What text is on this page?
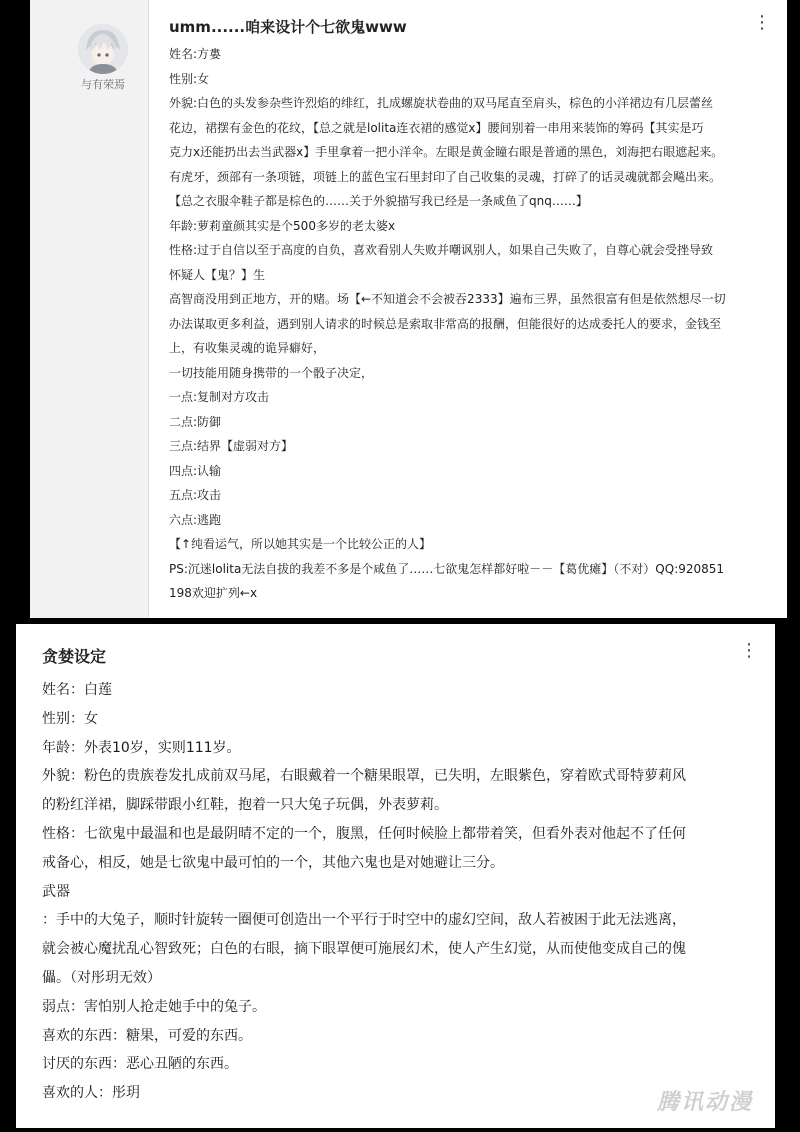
与有荣焉
umm......咱来设计个七欲鬼www	⋮

姓名:方婁

性别:女

外貌:白色的头发参杂些许烈焰的绯红，扎成螺旋状卷曲的双马尾直至肩头，棕色的小洋裙边有几层蕾丝

花边，裙摆有金色的花纹，【总之就是lolita连衣裙的感觉x】腰间别着一串用来装饰的筹码【其实是巧

克力x还能扔出去当武器x】手里拿着一把小洋伞。左眼是黄金瞳右眼是普通的黑色，刘海把右眼遮起来。

有虎牙，颈部有一条项链，项链上的蓝色宝石里封印了自己收集的灵魂，打碎了的话灵魂就都会飚出来。

【总之衣服伞鞋子都是棕色的……关于外貌描写我已经是一条咸鱼了qnq……】

年龄:萝莉童颜其实是个500多岁的老太婆x

性格:过于自信以至于高度的自负，喜欢看别人失败并嘲讽别人，如果自己失败了，自尊心就会受挫导致

怀疑人【鬼？】生

高智商没用到正地方，开的赌。场【←不知道会不会被吞2333】遍布三界，虽然很富有但是依然想尽一切

办法谋取更多利益，遇到别人请求的时候总是索取非常高的报酬，但能很好的达成委托人的要求，金钱至

上，有收集灵魂的诡异癖好，

一切技能用随身携带的一个骰子决定，

一点:复制对方攻击

二点:防御

三点:结界【虚弱对方】

四点:认输

五点:攻击

六点:逃跑

【↑纯看运气，所以她其实是一个比较公正的人】

PS:沉迷lolita无法自拔的我差不多是个咸鱼了……七欲鬼怎样都好啦－－【葛优瘫】（不对）QQ:920851

198欢迎扩列←x

贪婪设定	⋮

姓名：白莲

性别：女

年龄：外表10岁，实则111岁。

外貌：粉色的贵族卷发扎成前双马尾，右眼戴着一个糖果眼罩，已失明，左眼紫色，穿着欧式哥特萝莉风

的粉红洋裙，脚踩带跟小红鞋，抱着一只大兔子玩偶，外表萝莉。

性格：七欲鬼中最温和也是最阴晴不定的一个，腹黑，任何时候脸上都带着笑，但看外表对他起不了任何

戒备心，相反，她是七欲鬼中最可怕的一个，其他六鬼也是对她避让三分。

武器

：手中的大兔子，顺时针旋转一圈便可创造出一个平行于时空中的虚幻空间，敌人若被困于此无法逃离，

就会被心魔扰乱心智致死；白色的右眼，摘下眼罩便可施展幻术，使人产生幻觉，从而使他变成自己的傀

儡。（对彤玥无效）

弱点：害怕别人抢走她手中的兔子。

喜欢的东西：糖果，可爱的东西。

讨厌的东西：恶心丑陋的东西。

喜欢的人：彤玥	腾讯动漫
